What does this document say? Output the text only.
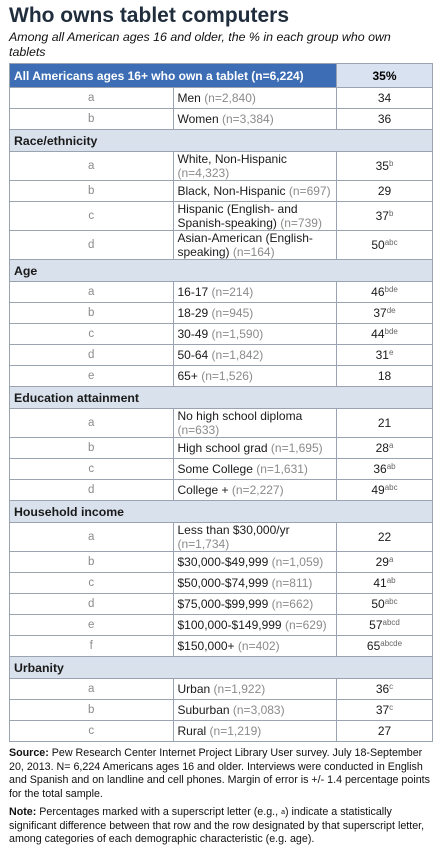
Who owns tablet computers
Among all American ages 16 and older, the % in each group who own tablets
All Americans ages 16+ who own a tablet (n=6,224)		35%
a	Men (n=2,840)	34
b	Women (n=3,384)	36
Race/ethnicity		
a	White, Non-Hispanic (n=4,323)	35$^b$
b	Black, Non-Hispanic (n=697)	29
c	Hispanic (English- and Spanish-speaking) (n=739)	37$^b$
d	Asian-American (English-speaking) (n=164)	$50^{abc}$
Age		
a	16-17 (n=214)	$46^{bde}$
b	18-29 (n=945)	37de
c	30-49 (n=1,590)	$44^{bde}$
d	50-64 (n=1,842)	31e
e	65+ (n=1,526)	18
Education attainment		
a	No high school diploma (n=633)	21
b	High school grad (n=1,695)	28$^a$
c	Some College (n=1,631)	$36^{ab}$
d	College + (n=2,227)	$49^{abc}$
Household income		
a	Less than $30,000/yr (n=1,734)	22
b	$30,000-$49,999 (n=1,059)	29$^a$
c	$50,000-$74,999 (n=811)	$41^{ab}$
d	$75,000-$99,999 (n=662)	$50^{abc}$
e	$100,000-$149,999 (n=629)	$57^{abcd}$
f	$150,000+ (n=402)	$65^{abcde}$
Urbanity		
a	Urban (n=1,922)	36$^c$
b	Suburban (n=3,083)	37$^c$
c	Rural (n=1,219)	27

Source: Pew Research Center Internet Project Library User survey. July 18-September 20, 2013. N= 6,224 Americans ages 16 and older. Interviews were conducted in English and Spanish and on landline and cell phones. Margin of error is +/- 1.4 percentage points for the total sample.

Note: Percentages marked with a superscript letter (e.g., $^a$) indicate a statistically significant difference between that row and the row designated by that superscript letter, among categories of each demographic characteristic (e.g. age).
